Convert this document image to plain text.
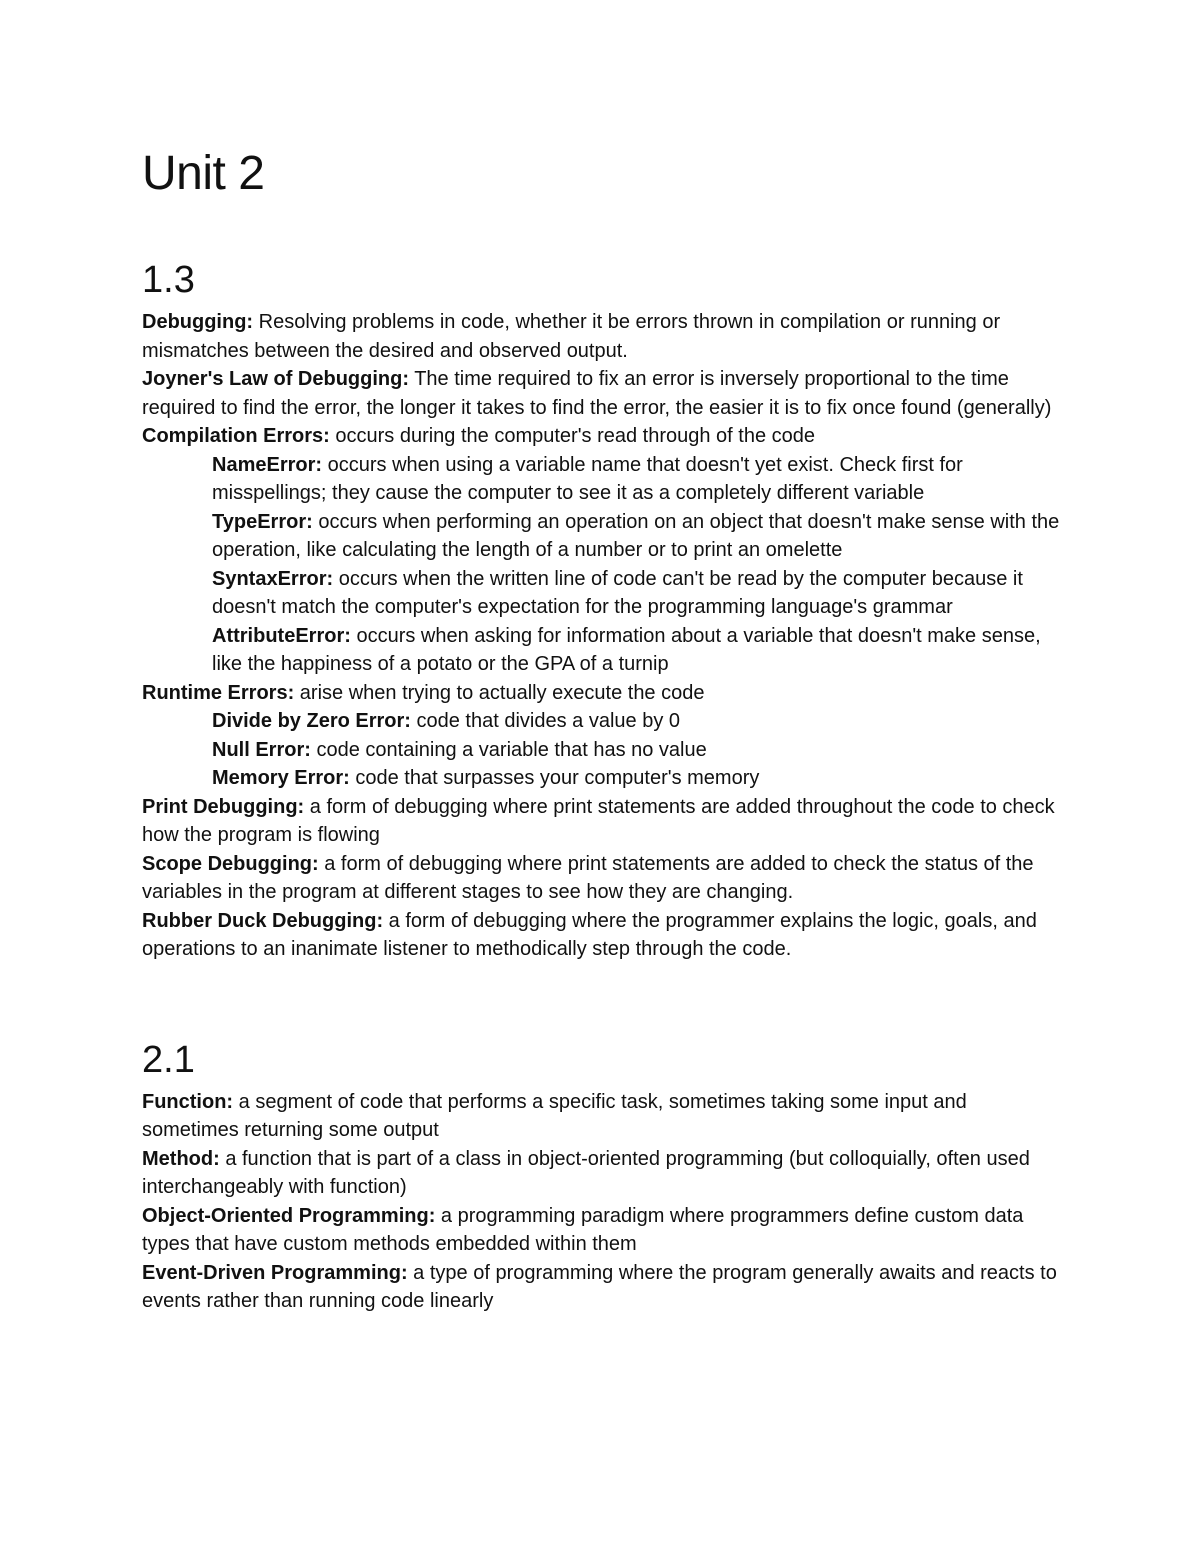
Unit 2
1.3

Debugging: Resolving problems in code, whether it be errors thrown in compilation or running or mismatches between the desired and observed output.

Joyner's Law of Debugging: The time required to fix an error is inversely proportional to the time required to find the error, the longer it takes to find the error, the easier it is to fix once found (generally)

Compilation Errors: occurs during the computer's read through of the code

NameError: occurs when using a variable name that doesn't yet exist. Check first for misspellings; they cause the computer to see it as a completely different variable

TypeError: occurs when performing an operation on an object that doesn't make sense with the operation, like calculating the length of a number or to print an omelette

SyntaxError: occurs when the written line of code can't be read by the computer because it doesn't match the computer's expectation for the programming language's grammar

AttributeError: occurs when asking for information about a variable that doesn't make sense, like the happiness of a potato or the GPA of a turnip

Runtime Errors: arise when trying to actually execute the code

Divide by Zero Error: code that divides a value by 0

Null Error: code containing a variable that has no value

Memory Error: code that surpasses your computer's memory

Print Debugging: a form of debugging where print statements are added throughout the code to check how the program is flowing

Scope Debugging: a form of debugging where print statements are added to check the status of the variables in the program at different stages to see how they are changing.

Rubber Duck Debugging: a form of debugging where the programmer explains the logic, goals, and operations to an inanimate listener to methodically step through the code.

2.1

Function: a segment of code that performs a specific task, sometimes taking some input and sometimes returning some output

Method: a function that is part of a class in object-oriented programming (but colloquially, often used interchangeably with function)

Object-Oriented Programming: a programming paradigm where programmers define custom data types that have custom methods embedded within them

Event-Driven Programming: a type of programming where the program generally awaits and reacts to events rather than running code linearly
